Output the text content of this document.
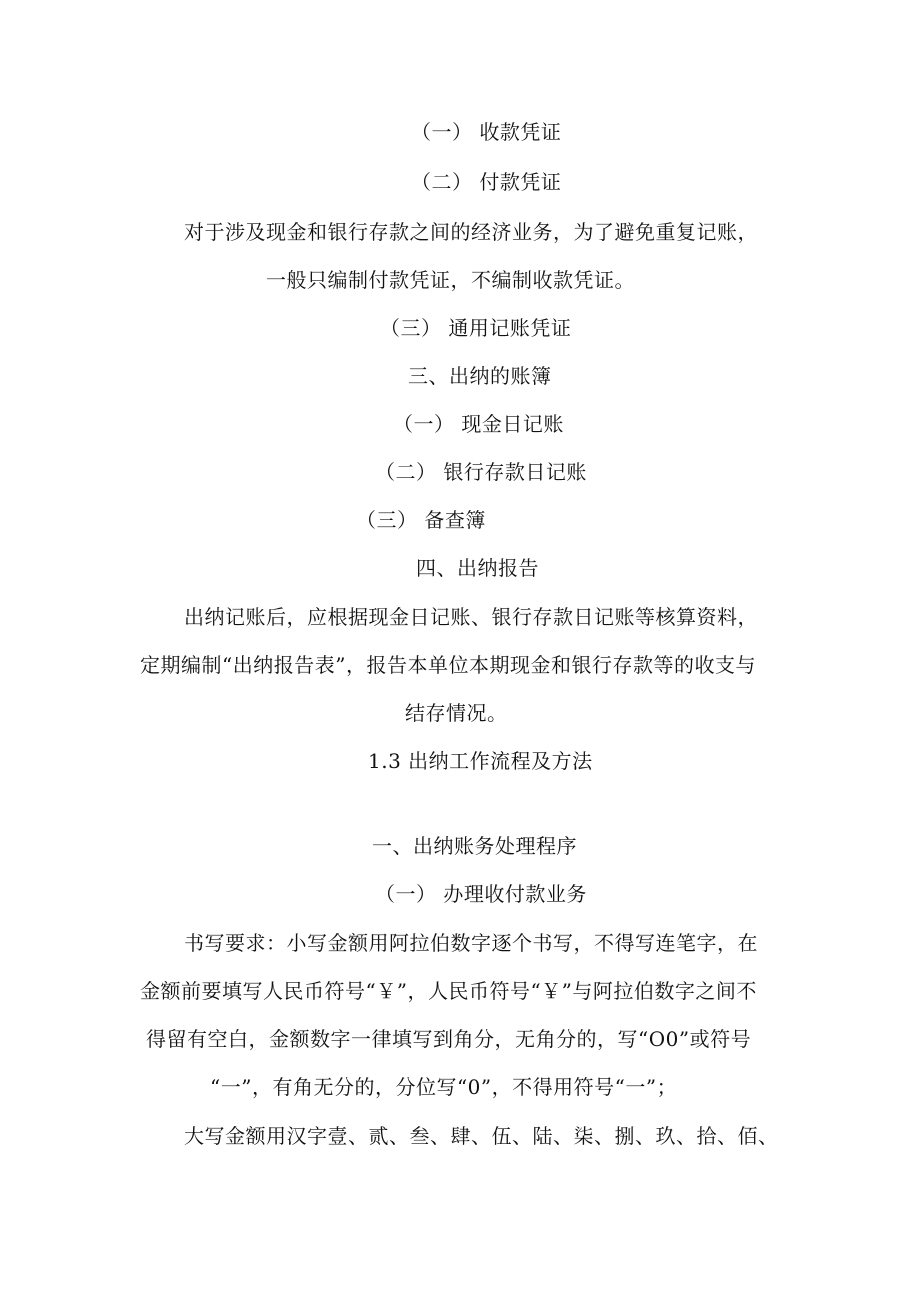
（一） 收款凭证
（二） 付款凭证
对于涉及现金和银行存款之间的经济业务，为了避免重复记账，
一般只编制付款凭证，不编制收款凭证。
（三） 通用记账凭证
三、出纳的账簿
（一） 现金日记账
（二） 银行存款日记账
（三） 备查簿
四、出纳报告
出纳记账后，应根据现金日记账、银行存款日记账等核算资料，
定期编制“出纳报告表”，报告本单位本期现金和银行存款等的收支与
结存情况。
1.3 出纳工作流程及方法
一、出纳账务处理程序
（一） 办理收付款业务
书写要求：小写金额用阿拉伯数字逐个书写，不得写连笔字，在
金额前要填写人民币符号“￥”，人民币符号“￥”与阿拉伯数字之间不
得留有空白，金额数字一律填写到角分，无角分的，写“O0”或符号
“一”，有角无分的，分位写“0”，不得用符号“一”；
大写金额用汉字壹、贰、叁、肆、伍、陆、柒、捌、玖、拾、佰、
